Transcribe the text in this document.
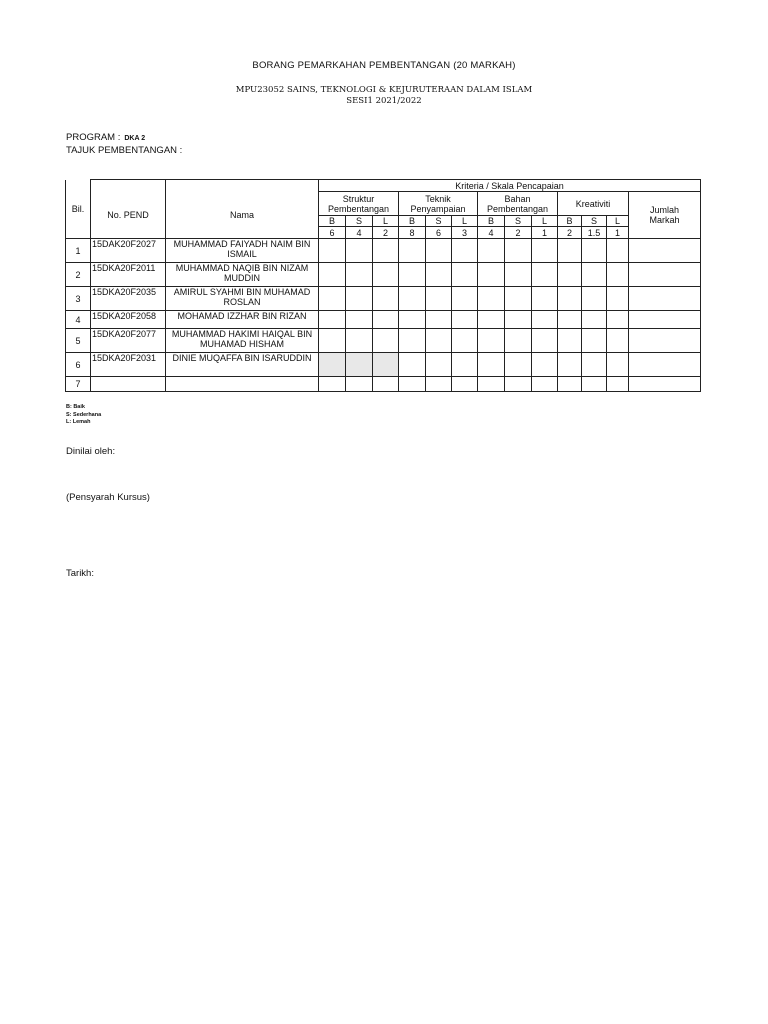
BORANG PEMARKAHAN PEMBENTANGAN (20 MARKAH)
MPU23052 SAINS, TEKNOLOGI & KEJURUTERAAN DALAM ISLAM
SESI1 2021/2022
PROGRAM : DKA 2
TAJUK PEMBENTANGAN :
Bil.			Kriteria / Skala Pencapaian												
	No. PEND	Nama	Struktur Pembentangan			Teknik Penyampaian			Bahan Pembentangan			Kreativiti			Jumlah Markah

			B	S	L	B	S	L	B	S	L	B	S	L	
			6	4	2	8	6	3	4	2	1	2	1.5	1	
1	15DAK20F2027	MUHAMMAD FAIYADH NAIM BIN ISMAIL													
2	15DKA20F2011	MUHAMMAD NAQIB BIN NIZAM MUDDIN													
3	15DKA20F2035	AMIRUL SYAHMI BIN MUHAMAD ROSLAN													
4	15DKA20F2058	MOHAMAD IZZHAR BIN RIZAN													
5	15DKA20F2077	MUHAMMAD HAKIMI HAIQAL BIN MUHAMAD HISHAM													
6	15DKA20F2031	DINIE MUQAFFA BIN ISARUDDIN													
7															
B: Baik
S: Sederhana
L: Lemah
Dinilai oleh:
(Pensyarah Kursus)
Tarikh:
